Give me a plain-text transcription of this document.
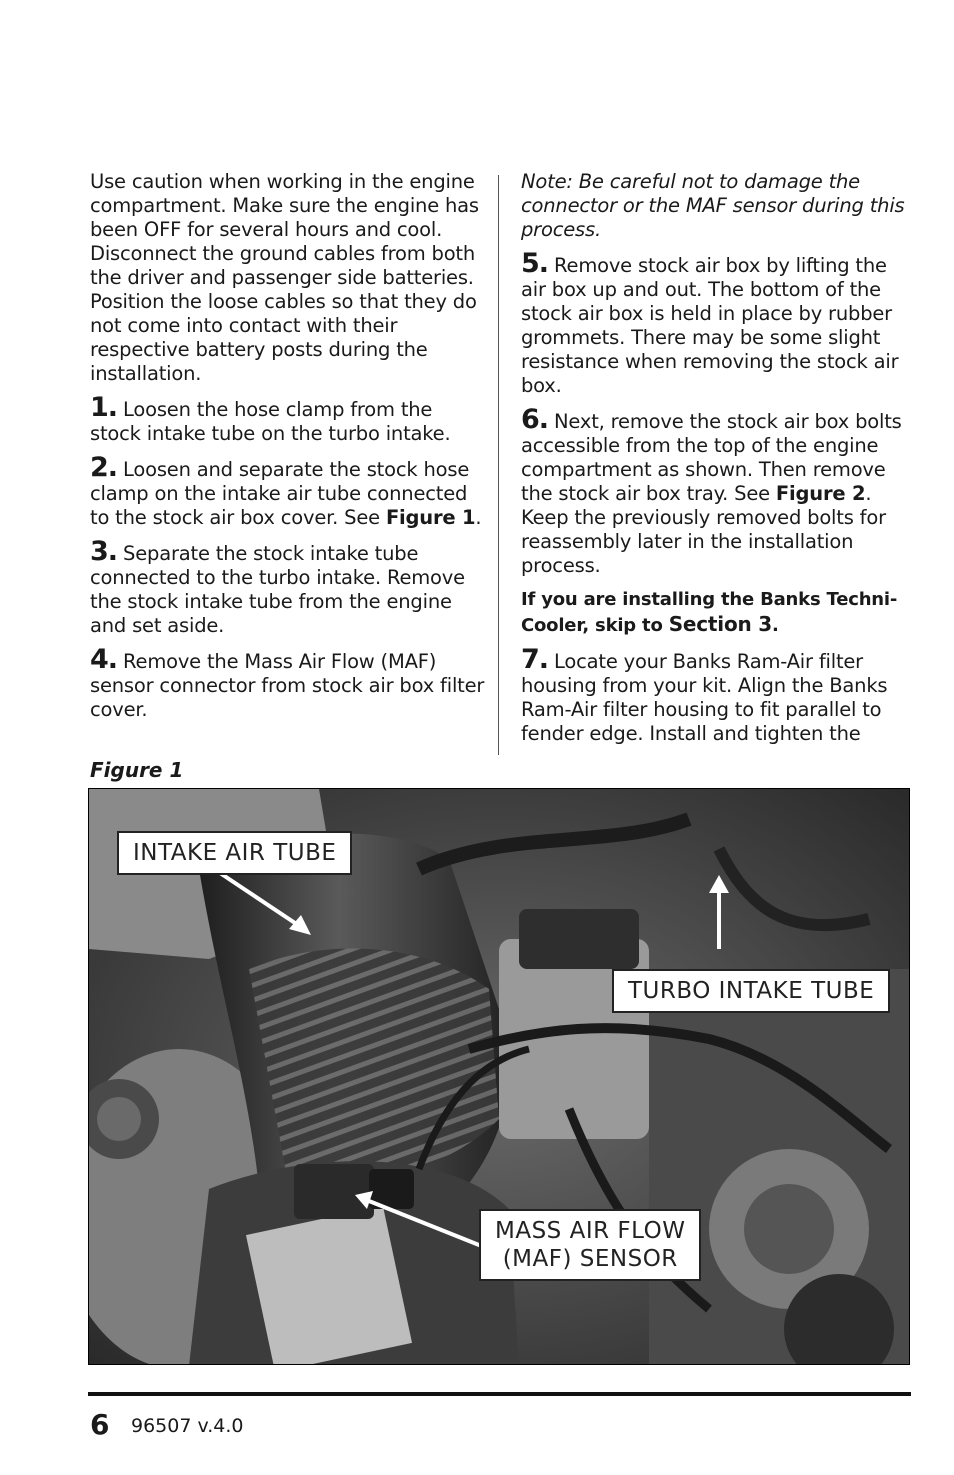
Use caution when working in the engine compartment. Make sure the engine has been OFF for several hours and cool. Disconnect the ground cables from both the driver and passenger side batteries. Position the loose cables so that they do not come into contact with their respective battery posts during the installation.

1. Loosen the hose clamp from the stock intake tube on the turbo intake.

2. Loosen and separate the stock hose clamp on the intake air tube connected to the stock air box cover. See Figure 1.

3. Separate the stock intake tube connected to the turbo intake. Remove the stock intake tube from the engine and set aside.

4. Remove the Mass Air Flow (MAF) sensor connector from stock air box filter cover.

Note: Be careful not to damage the connector or the MAF sensor during this process.

5. Remove stock air box by lifting the air box up and out. The bottom of the stock air box is held in place by rubber grommets. There may be some slight resistance when removing the stock air box.

6. Next, remove the stock air box bolts accessible from the top of the engine compartment as shown. Then remove the stock air box tray. See Figure 2. Keep the previously removed bolts for reassembly later in the installation process.

If you are installing the Banks Techni-Cooler, skip to Section 3.

7. Locate your Banks Ram-Air filter housing from your kit. Align the Banks Ram-Air filter housing to fit parallel to fender edge. Install and tighten the

Figure 1
INTAKE AIR TUBE
TURBO INTAKE TUBE
MASS AIR FLOW
(MAF) SENSOR
6 96507 v.4.0
